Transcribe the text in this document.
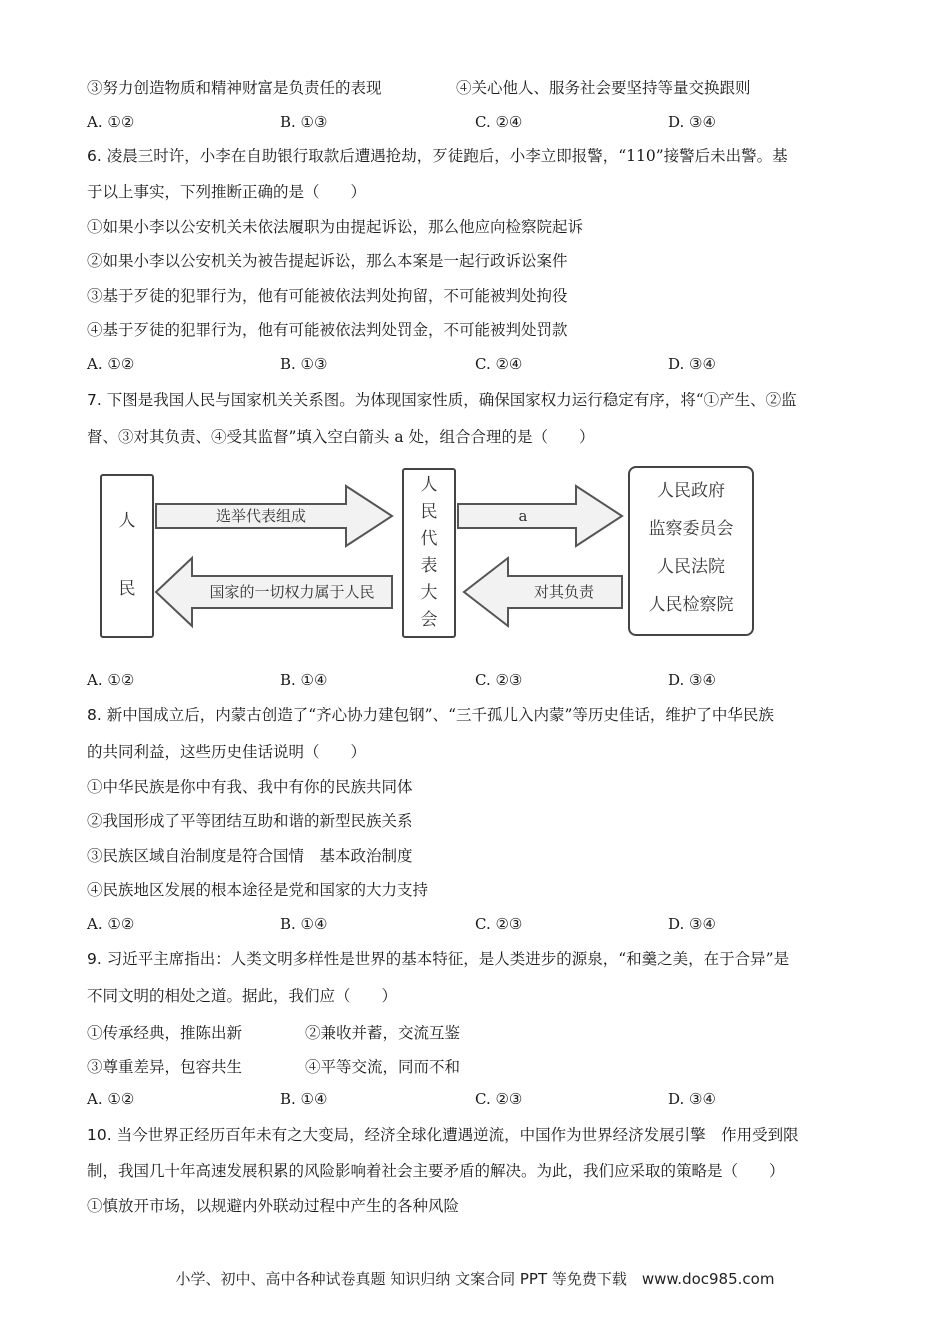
③努力创造物质和精神财富是负责任的表现	④关心他人、服务社会要坚持等量交换跟则
A. ①②	B. ①③	C. ②④	D. ③④
6. 凌晨三时许，小李在自助银行取款后遭遇抢劫，歹徒跑后，小李立即报警，“110”接警后未出警。基
于以上事实，下列推断正确的是（　　）
①如果小李以公安机关未依法履职为由提起诉讼，那么他应向检察院起诉
②如果小李以公安机关为被告提起诉讼，那么本案是一起行政诉讼案件
③基于歹徒的犯罪行为，他有可能被依法判处拘留，不可能被判处拘役
④基于歹徒的犯罪行为，他有可能被依法判处罚金，不可能被判处罚款
A. ①②	B. ①③	C. ②④	D. ③④
7. 下图是我国人民与国家机关关系图。为体现国家性质，确保国家权力运行稳定有序，将“①产生、②监
督、③对其负责、④受其监督”填入空白箭头 a 处，组合合理的是（　　）
人
民
人
民
代
表
大
会
人民政府
监察委员会
人民法院
人民检察院
选举代表组成
国家的一切权力属于人民
a
对其负责
A. ①②	B. ①④	C. ②③	D. ③④
8. 新中国成立后，内蒙古创造了“齐心协力建包钢”、“三千孤儿入内蒙”等历史佳话，维护了中华民族
的共同利益，这些历史佳话说明（　　）
①中华民族是你中有我、我中有你的民族共同体
②我国形成了平等团结互助和谐的新型民族关系
③民族区域自治制度是符合国情　基本政治制度
④民族地区发展的根本途径是党和国家的大力支持
A. ①②	B. ①④	C. ②③	D. ③④
9. 习近平主席指出：人类文明多样性是世界的基本特征，是人类进步的源泉，“和羹之美，在于合异”是
不同文明的相处之道。据此，我们应（　　）
①传承经典，推陈出新	②兼收并蓄，交流互鉴
③尊重差异，包容共生	④平等交流，同而不和
A. ①②	B. ①④	C. ②③	D. ③④
10. 当今世界正经历百年未有之大变局，经济全球化遭遇逆流，中国作为世界经济发展引擎　作用受到限
制，我国几十年高速发展积累的风险影响着社会主要矛盾的解决。为此，我们应采取的策略是（　　）
①慎放开市场，以规避内外联动过程中产生的各种风险
小学、初中、高中各种试卷真题 知识归纳 文案合同 PPT 等免费下载　www.doc985.com
